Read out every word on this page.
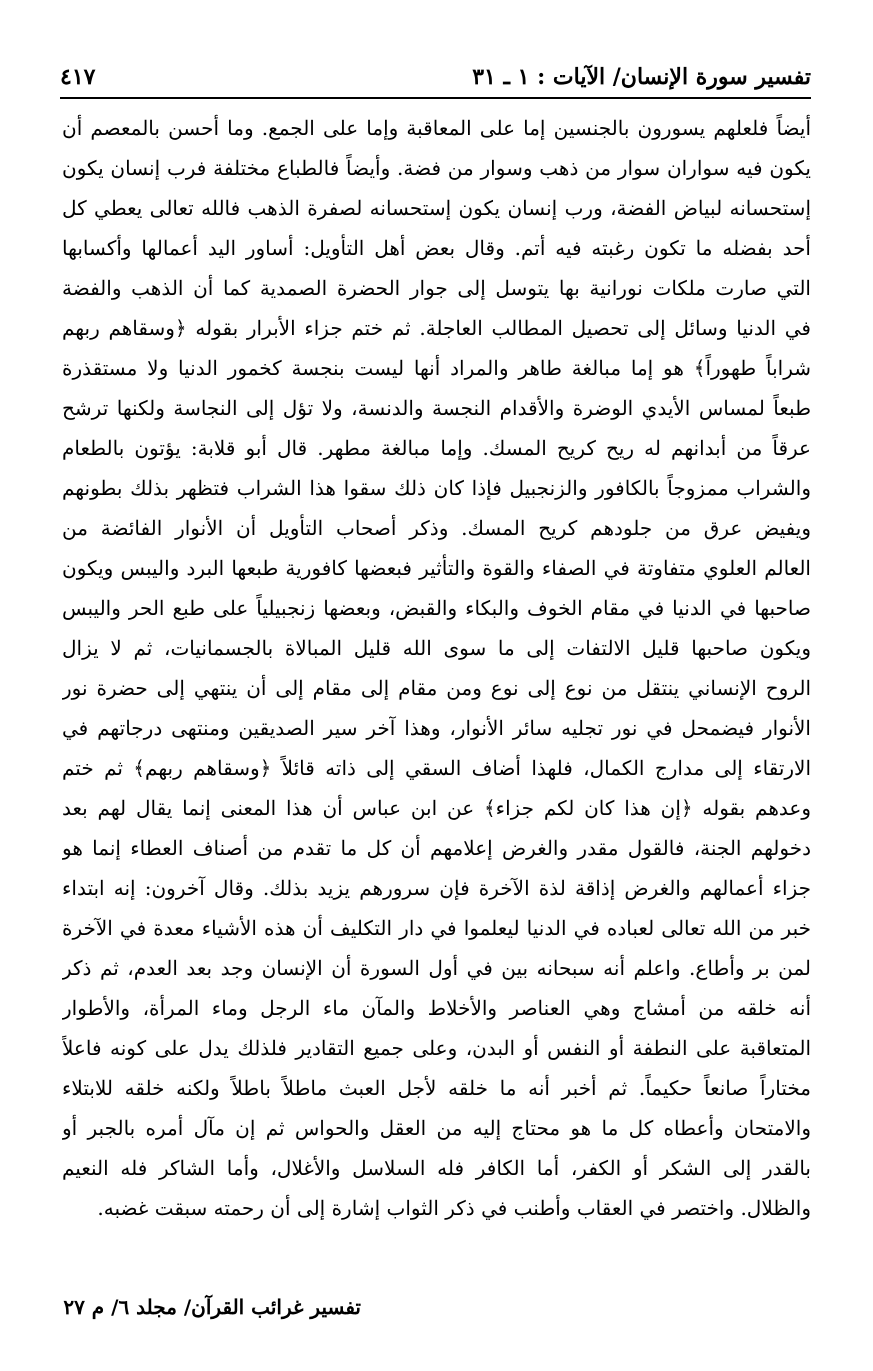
تفسير سورة الإنسان/ الآيات : ١ ـ ٣١
٤١٧
أيضاً فلعلهم يسورون بالجنسين إما على المعاقبة وإما على الجمع. وما أحسن بالمعصم أن
يكون فيه سواران سوار من ذهب وسوار من فضة. وأيضاً فالطباع مختلفة فرب إنسان يكون
إستحسانه لبياض الفضة، ورب إنسان يكون إستحسانه لصفرة الذهب فالله تعالى يعطي كل
أحد بفضله ما تكون رغبته فيه أتم. وقال بعض أهل التأويل: أساور اليد أعمالها وأكسابها
التي صارت ملكات نورانية بها يتوسل إلى جوار الحضرة الصمدية كما أن الذهب والفضة
في الدنيا وسائل إلى تحصيل المطالب العاجلة. ثم ختم جزاء الأبرار بقوله ﴿وسقاهم ربهم
شراباً طهوراً﴾ هو إما مبالغة طاهر والمراد أنها ليست بنجسة كخمور الدنيا ولا مستقذرة
طبعاً لمساس الأيدي الوضرة والأقدام النجسة والدنسة، ولا تؤل إلى النجاسة ولكنها ترشح
عرقاً من أبدانهم له ريح كريح المسك. وإما مبالغة مطهر. قال أبو قلابة: يؤتون بالطعام
والشراب ممزوجاً بالكافور والزنجبيل فإذا كان ذلك سقوا هذا الشراب فتظهر بذلك بطونهم
ويفيض عرق من جلودهم كريح المسك. وذكر أصحاب التأويل أن الأنوار الفائضة من
العالم العلوي متفاوتة في الصفاء والقوة والتأثير فبعضها كافورية طبعها البرد واليبس ويكون
صاحبها في الدنيا في مقام الخوف والبكاء والقبض، وبعضها زنجبيلياً على طبع الحر واليبس
ويكون صاحبها قليل الالتفات إلى ما سوى الله قليل المبالاة بالجسمانيات، ثم لا يزال
الروح الإنساني ينتقل من نوع إلى نوع ومن مقام إلى مقام إلى أن ينتهي إلى حضرة نور
الأنوار فيضمحل في نور تجليه سائر الأنوار، وهذا آخر سير الصديقين ومنتهى درجاتهم في
الارتقاء إلى مدارج الكمال، فلهذا أضاف السقي إلى ذاته قائلاً ﴿وسقاهم ربهم﴾ ثم ختم
وعدهم بقوله ﴿إن هذا كان لكم جزاء﴾ عن ابن عباس أن هذا المعنى إنما يقال لهم بعد
دخولهم الجنة، فالقول مقدر والغرض إعلامهم أن كل ما تقدم من أصناف العطاء إنما هو
جزاء أعمالهم والغرض إذاقة لذة الآخرة فإن سرورهم يزيد بذلك. وقال آخرون: إنه ابتداء
خبر من الله تعالى لعباده في الدنيا ليعلموا في دار التكليف أن هذه الأشياء معدة في الآخرة
لمن بر وأطاع. واعلم أنه سبحانه بين في أول السورة أن الإنسان وجد بعد العدم، ثم ذكر
أنه خلقه من أمشاج وهي العناصر والأخلاط والمآن ماء الرجل وماء المرأة، والأطوار
المتعاقبة على النطفة أو النفس أو البدن، وعلى جميع التقادير فلذلك يدل على كونه فاعلاً
مختاراً صانعاً حكيماً. ثم أخبر أنه ما خلقه لأجل العبث ماطلاً باطلاً ولكنه خلقه للابتلاء
والامتحان وأعطاه كل ما هو محتاج إليه من العقل والحواس ثم إن مآل أمره بالجبر أو
بالقدر إلى الشكر أو الكفر، أما الكافر فله السلاسل والأغلال، وأما الشاكر فله النعيم
والظلال. واختصر في العقاب وأطنب في ذكر الثواب إشارة إلى أن رحمته سبقت غضبه.
تفسير غرائب القرآن/ مجلد ٦/ م ٢٧
